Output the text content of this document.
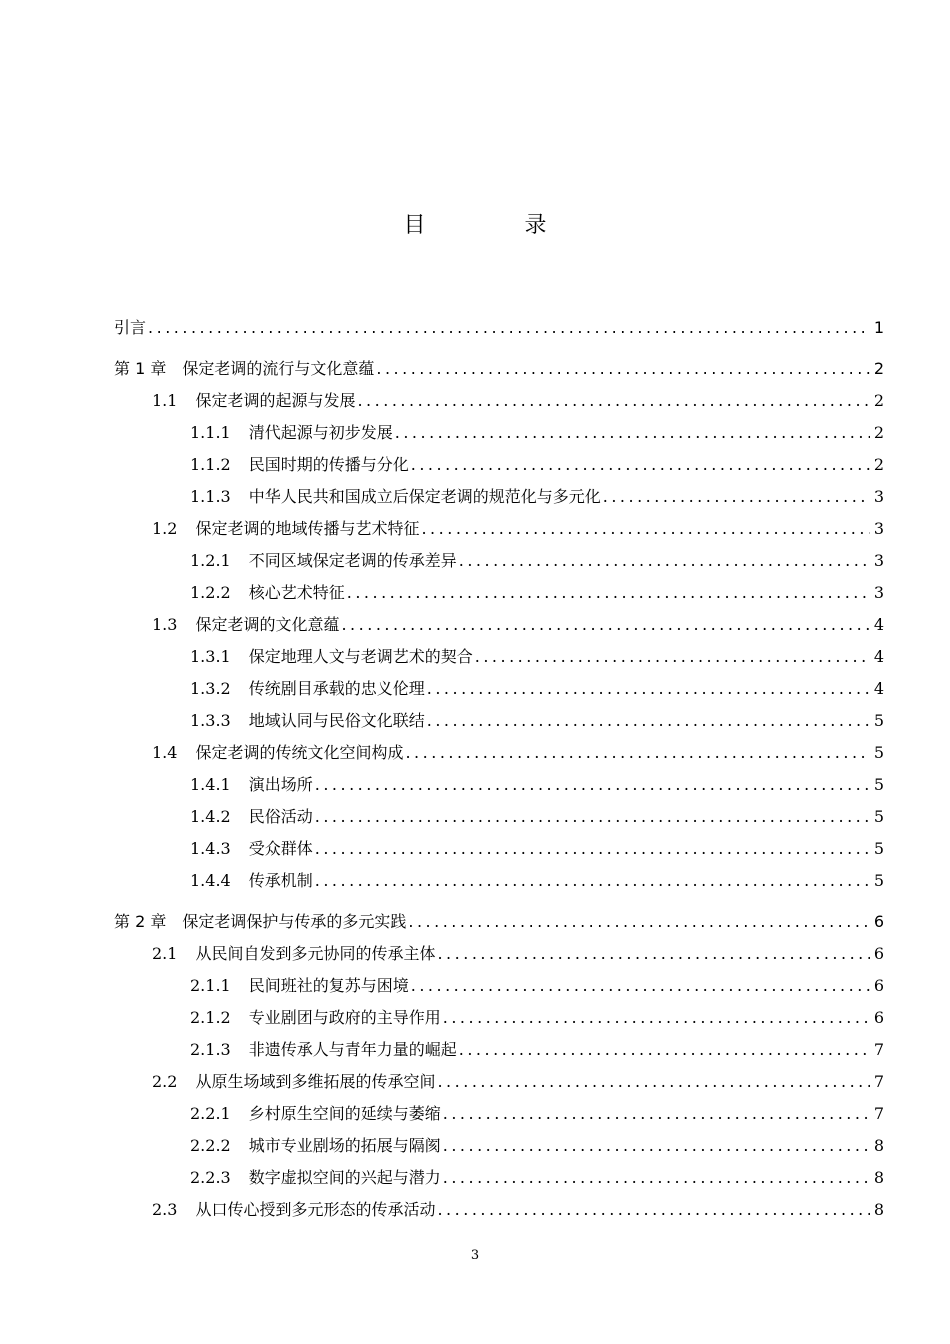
目 录
引言 .....	1
第 1 章 保定老调的流行与文化意蕴 .....	2
1.1 保定老调的起源与发展 .....	2
1.1.1 清代起源与初步发展 .....	2
1.1.2 民国时期的传播与分化 .....	2
1.1.3 中华人民共和国成立后保定老调的规范化与多元化 .....	3
1.2 保定老调的地域传播与艺术特征 .....	3
1.2.1 不同区域保定老调的传承差异 .....	3
1.2.2 核心艺术特征 .....	3
1.3 保定老调的文化意蕴 .....	4
1.3.1 保定地理人文与老调艺术的契合 .....	4
1.3.2 传统剧目承载的忠义伦理 .....	4
1.3.3 地域认同与民俗文化联结 .....	5
1.4 保定老调的传统文化空间构成 .....	5
1.4.1 演出场所 .....	5
1.4.2 民俗活动 .....	5
1.4.3 受众群体 .....	5
1.4.4 传承机制 .....	5
第 2 章 保定老调保护与传承的多元实践 .....	6
2.1 从民间自发到多元协同的传承主体 .....	6
2.1.1 民间班社的复苏与困境 .....	6
2.1.2 专业剧团与政府的主导作用 .....	6
2.1.3 非遗传承人与青年力量的崛起 .....	7
2.2 从原生场域到多维拓展的传承空间 .....	7
2.2.1 乡村原生空间的延续与萎缩 .....	7
2.2.2 城市专业剧场的拓展与隔阂 .....	8
2.2.3 数字虚拟空间的兴起与潜力 .....	8
2.3 从口传心授到多元形态的传承活动 .....	8
3
